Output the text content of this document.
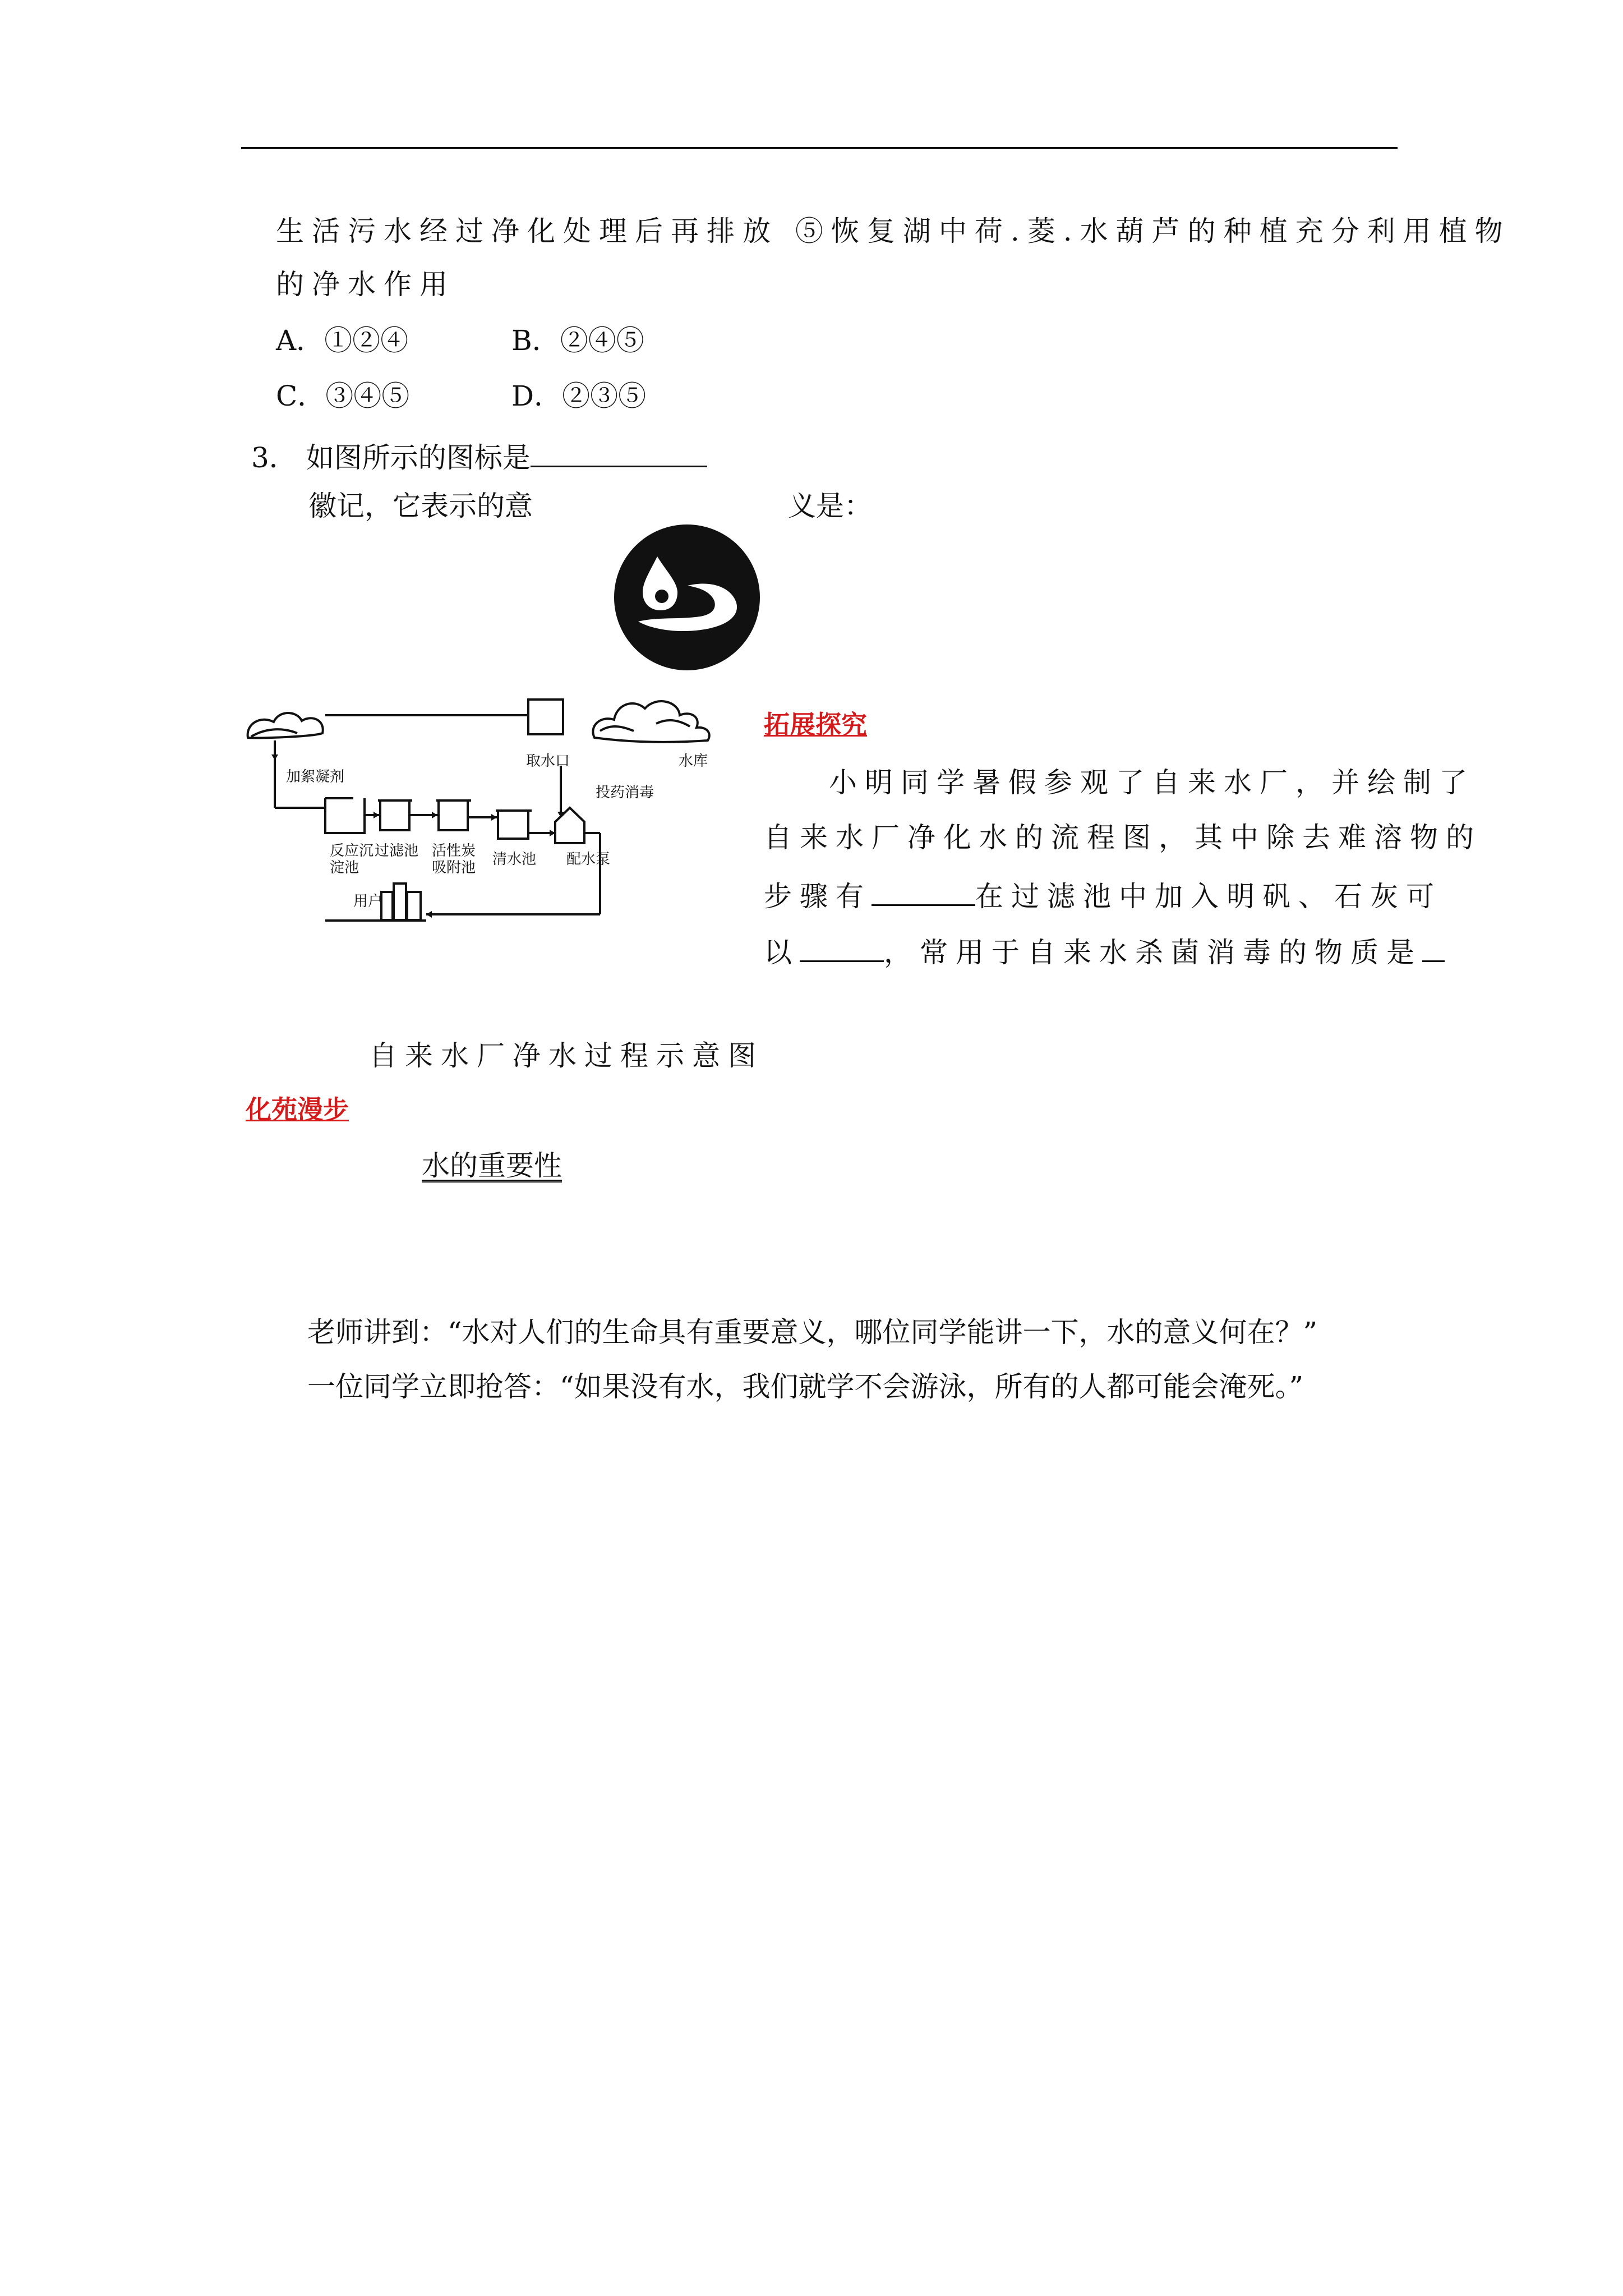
生活污水经过净化处理后再排放 ⑤恢复湖中荷.菱.水葫芦的种植充分利用植物
的净水作用
A．①②④	B．②④⑤
C．③④⑤	D．②③⑤
3． 如图所示的图标是
徽记，它表示的意	义是：
加絮凝剂
取水口	水库
投药消毒
反应沉
淀池
过滤池 活性炭
吸附池 清水池 配水泵
用户
拓展探究
小明同学暑假参观了自来水厂，并绘制了
自来水厂净化水的流程图，其中除去难溶物的
步骤有	在过滤池中加入明矾、石灰可
以	，常用于自来水杀菌消毒的物质是
自来水厂净水过程示意图
化苑漫步
水的重要性
老师讲到：“水对人们的生命具有重要意义，哪位同学能讲一下，水的意义何在？”
一位同学立即抢答：“如果没有水，我们就学不会游泳，所有的人都可能会淹死。”
